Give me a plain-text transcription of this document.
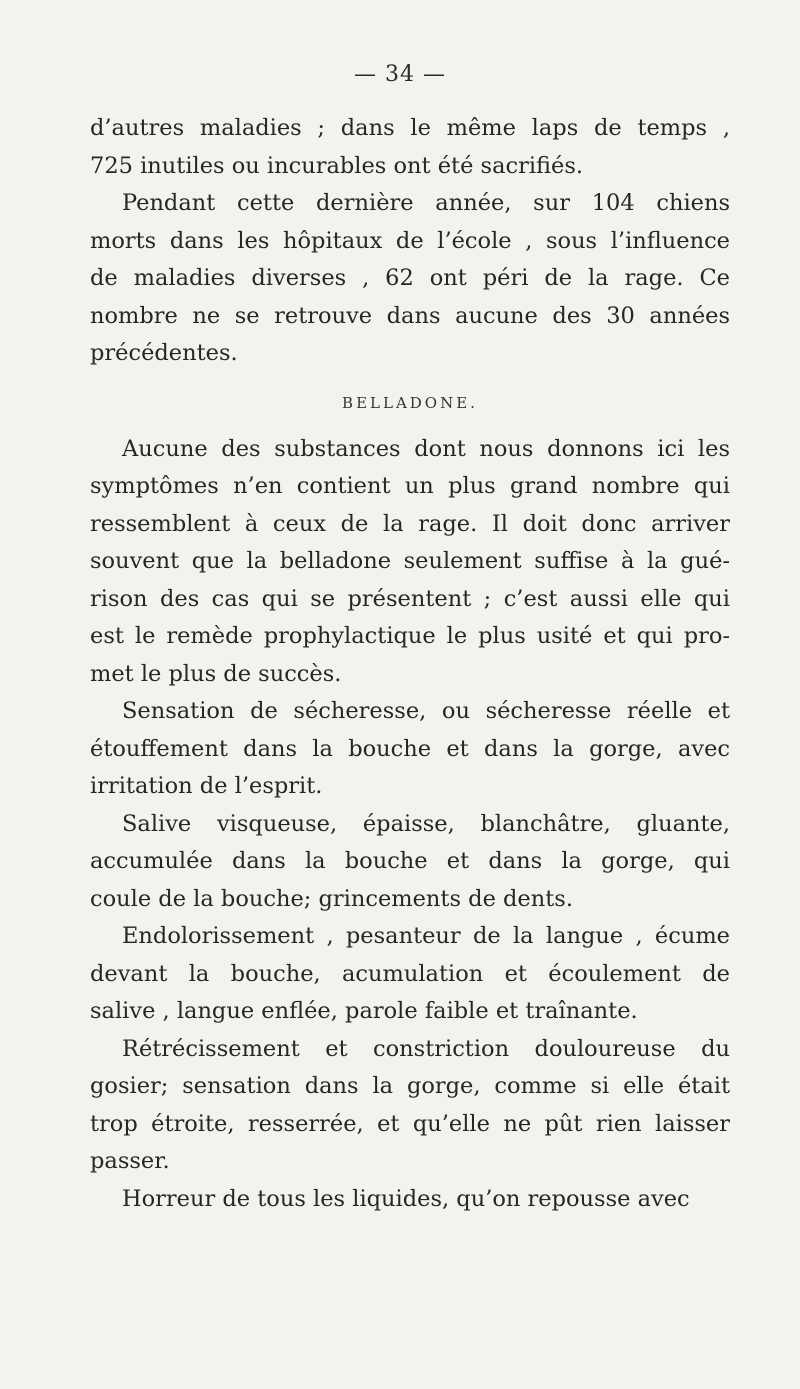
— 34 —
d’autres maladies ; dans le même laps de temps ,
725 inutiles ou incurables ont été sacrifiés.
Pendant cette dernière année, sur 104 chiens
morts dans les hôpitaux de l’école , sous l’influence
de maladies diverses , 62 ont péri de la rage. Ce
nombre ne se retrouve dans aucune des 30 années
précédentes.
BELLADONE.
Aucune des substances dont nous donnons ici les
symptômes n’en contient un plus grand nombre qui
ressemblent à ceux de la rage. Il doit donc arriver
souvent que la belladone seulement suffise à la gué-
rison des cas qui se présentent ; c’est aussi elle qui
est le remède prophylactique le plus usité et qui pro-
met le plus de succès.
Sensation de sécheresse, ou sécheresse réelle et
étouffement dans la bouche et dans la gorge, avec
irritation de l’esprit.
Salive visqueuse, épaisse, blanchâtre, gluante,
accumulée dans la bouche et dans la gorge, qui
coule de la bouche; grincements de dents.
Endolorissement , pesanteur de la langue , écume
devant la bouche, acumulation et écoulement de
salive , langue enflée, parole faible et traînante.
Rétrécissement et constriction douloureuse du
gosier; sensation dans la gorge, comme si elle était
trop étroite, resserrée, et qu’elle ne pût rien laisser
passer.
Horreur de tous les liquides, qu’on repousse avec
